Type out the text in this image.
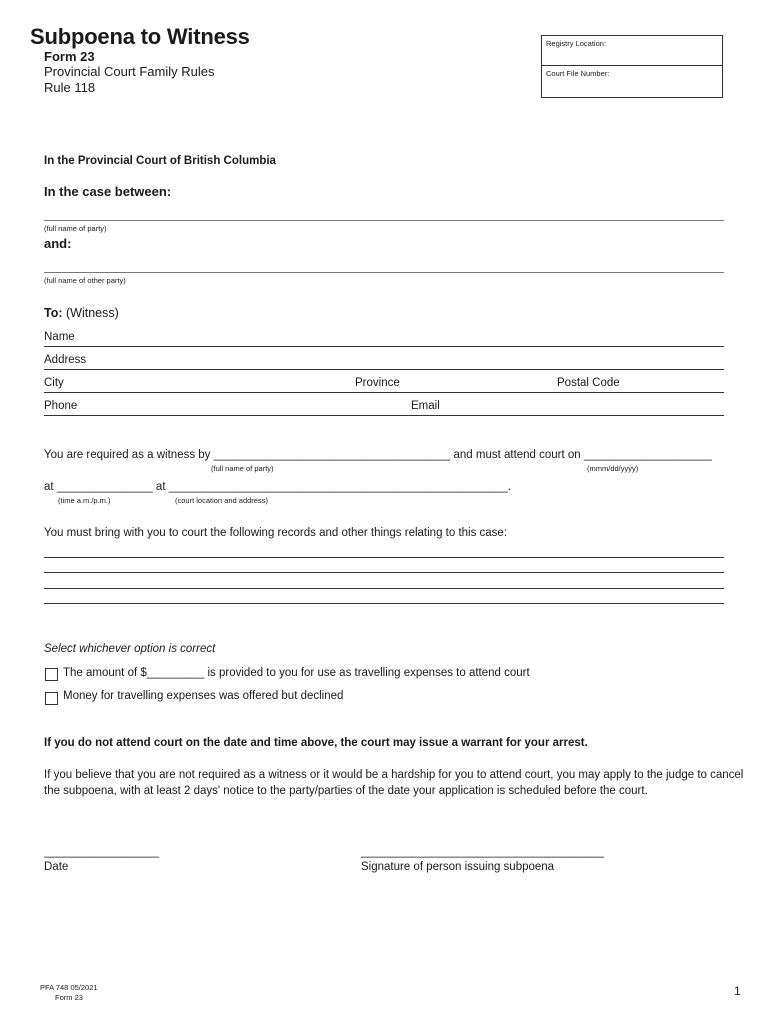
Subpoena to Witness
Form 23
Provincial Court Family Rules
Rule 118
Registry Location:
Court File Number:
In the Provincial Court of British Columbia
In the case between:
(full name of party)
and:
(full name of other party)
To: (Witness)
Name
Address
City	Province	Postal Code
Phone	Email
You are required as a witness by _____________________________________ and must attend court on ____________________
(full name of party)	(mmm/dd/yyyy)
at _______________ at _____________________________________________________.
(time a.m./p.m.)	(court location and address)
You must bring with you to court the following records and other things relating to this case:
Select whichever option is correct
The amount of $_________ is provided to you for use as travelling expenses to attend court
Money for travelling expenses was offered but declined
If you do not attend court on the date and time above, the court may issue a warrant for your arrest.
If you believe that you are not required as a witness or it would be a hardship for you to attend court, you may apply to the judge to cancel
the subpoena, with at least 2 days' notice to the party/parties of the date your application is scheduled before the court.
__________________
Date
______________________________________
Signature of person issuing subpoena
PFA 748 05/2021
Form 23	1
